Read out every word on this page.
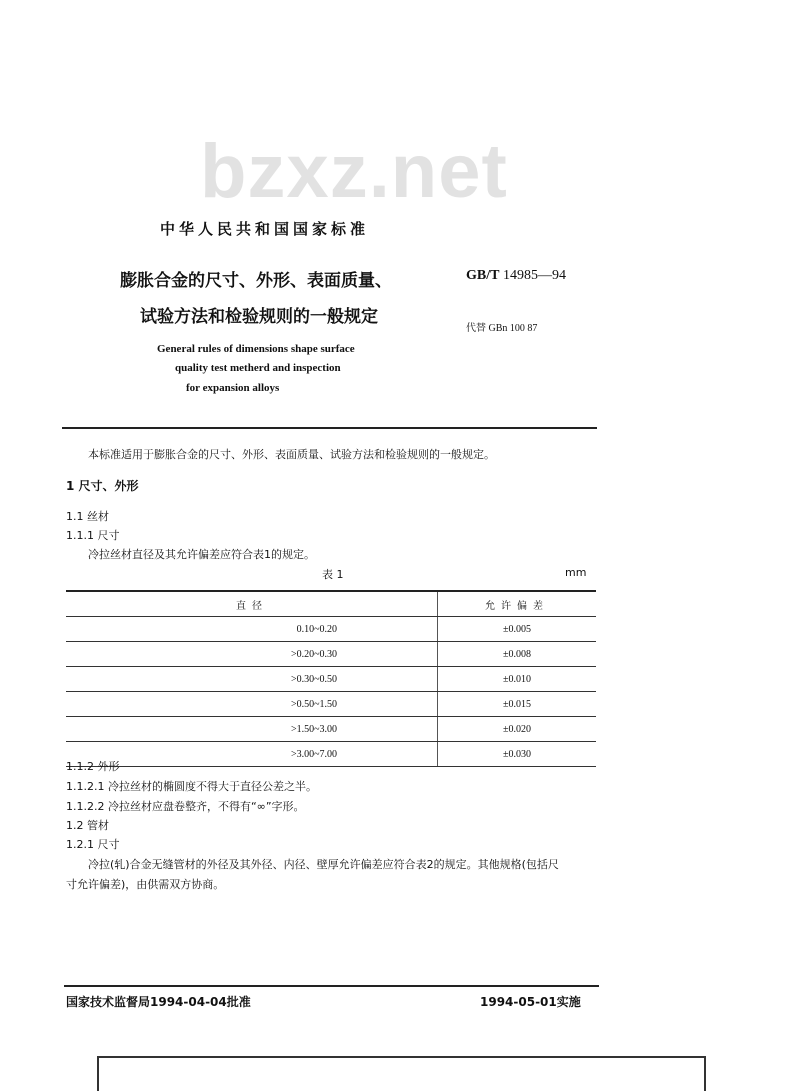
bzxz.net
中华人民共和国国家标准
膨胀合金的尺寸、外形、表面质量、
试验方法和检验规则的一般规定
GB/T 14985—94
代替 GBn 100 87
General rules of dimensions shape surface
quality test metherd and inspection
for expansion alloys
本标准适用于膨胀合金的尺寸、外形、表面质量、试验方法和检验规则的一般规定。
1 尺寸、外形
1.1 丝材
1.1.1 尺寸
冷拉丝材直径及其允许偏差应符合表1的规定。
表 1	mm
直径	允许偏差
0.10~0.20	±0.005
>0.20~0.30	±0.008
>0.30~0.50	±0.010
>0.50~1.50	±0.015
>1.50~3.00	±0.020
>3.00~7.00	±0.030
1.1.2 外形
1.1.2.1 冷拉丝材的椭圆度不得大于直径公差之半。
1.1.2.2 冷拉丝材应盘卷整齐，不得有“∞”字形。
1.2 管材
1.2.1 尺寸
冷拉(轧)合金无缝管材的外径及其外径、内径、壁厚允许偏差应符合表2的规定。其他规格(包括尺
寸允许偏差)，由供需双方协商。
国家技术监督局1994-04-04批准	1994-05-01实施
